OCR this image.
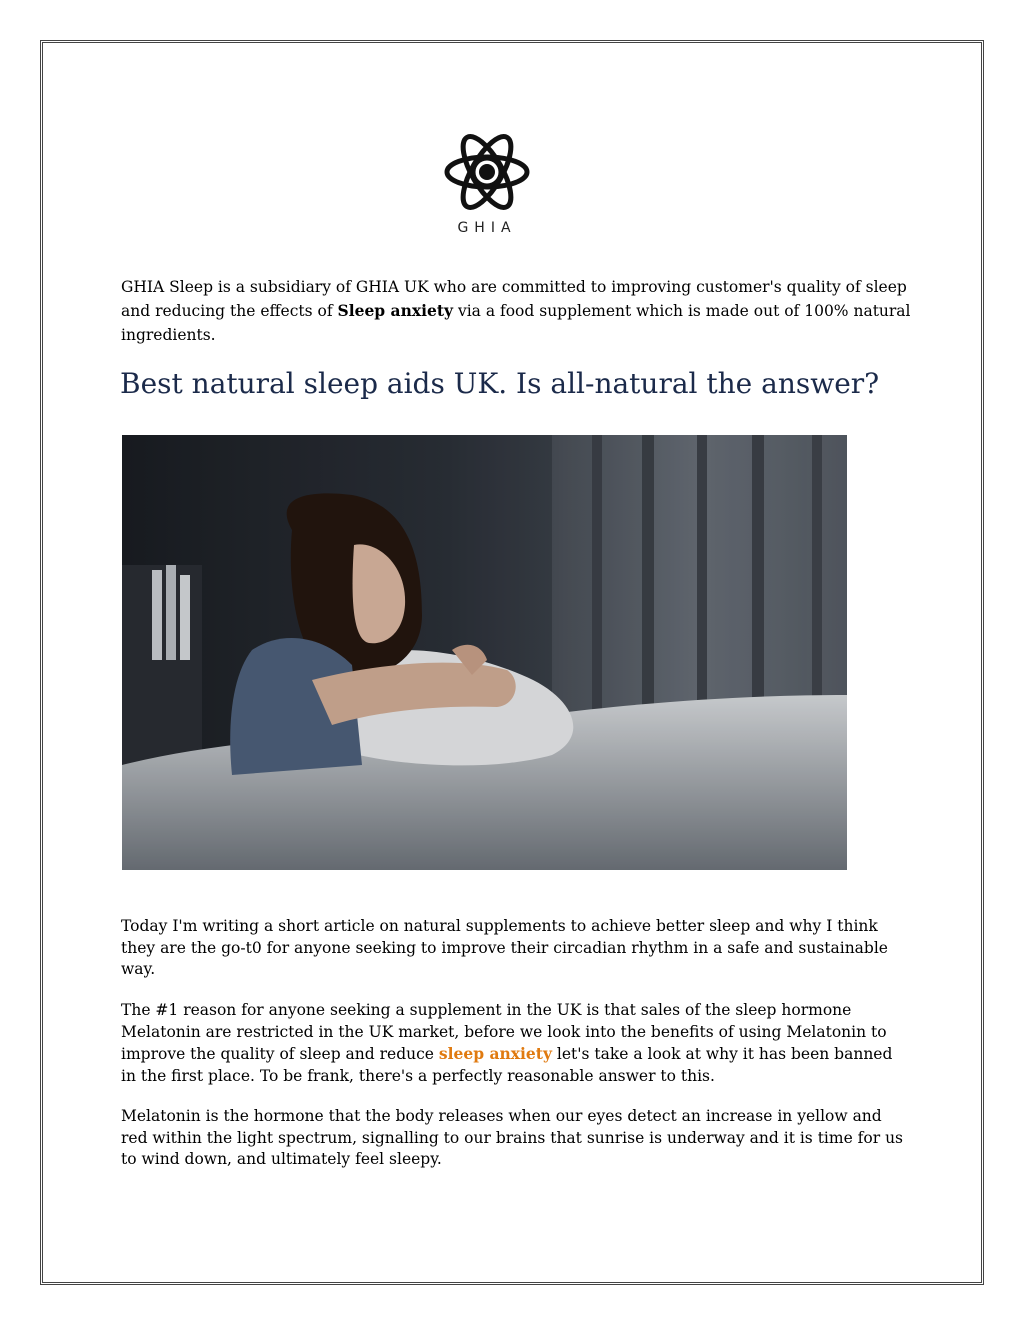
GHIA

GHIA Sleep is a subsidiary of GHIA UK who are committed to improving customer's quality of sleep and reducing the effects of Sleep anxiety via a food supplement which is made out of 100% natural ingredients.

Best natural sleep aids UK. Is all-natural the answer?

Today I'm writing a short article on natural supplements to achieve better sleep and why I think they are the go-t0 for anyone seeking to improve their circadian rhythm in a safe and sustainable way.

The #1 reason for anyone seeking a supplement in the UK is that sales of the sleep hormone Melatonin are restricted in the UK market, before we look into the benefits of using Melatonin to improve the quality of sleep and reduce sleep anxiety let's take a look at why it has been banned in the first place. To be frank, there's a perfectly reasonable answer to this.

Melatonin is the hormone that the body releases when our eyes detect an increase in yellow and red within the light spectrum, signalling to our brains that sunrise is underway and it is time for us to wind down, and ultimately feel sleepy.
